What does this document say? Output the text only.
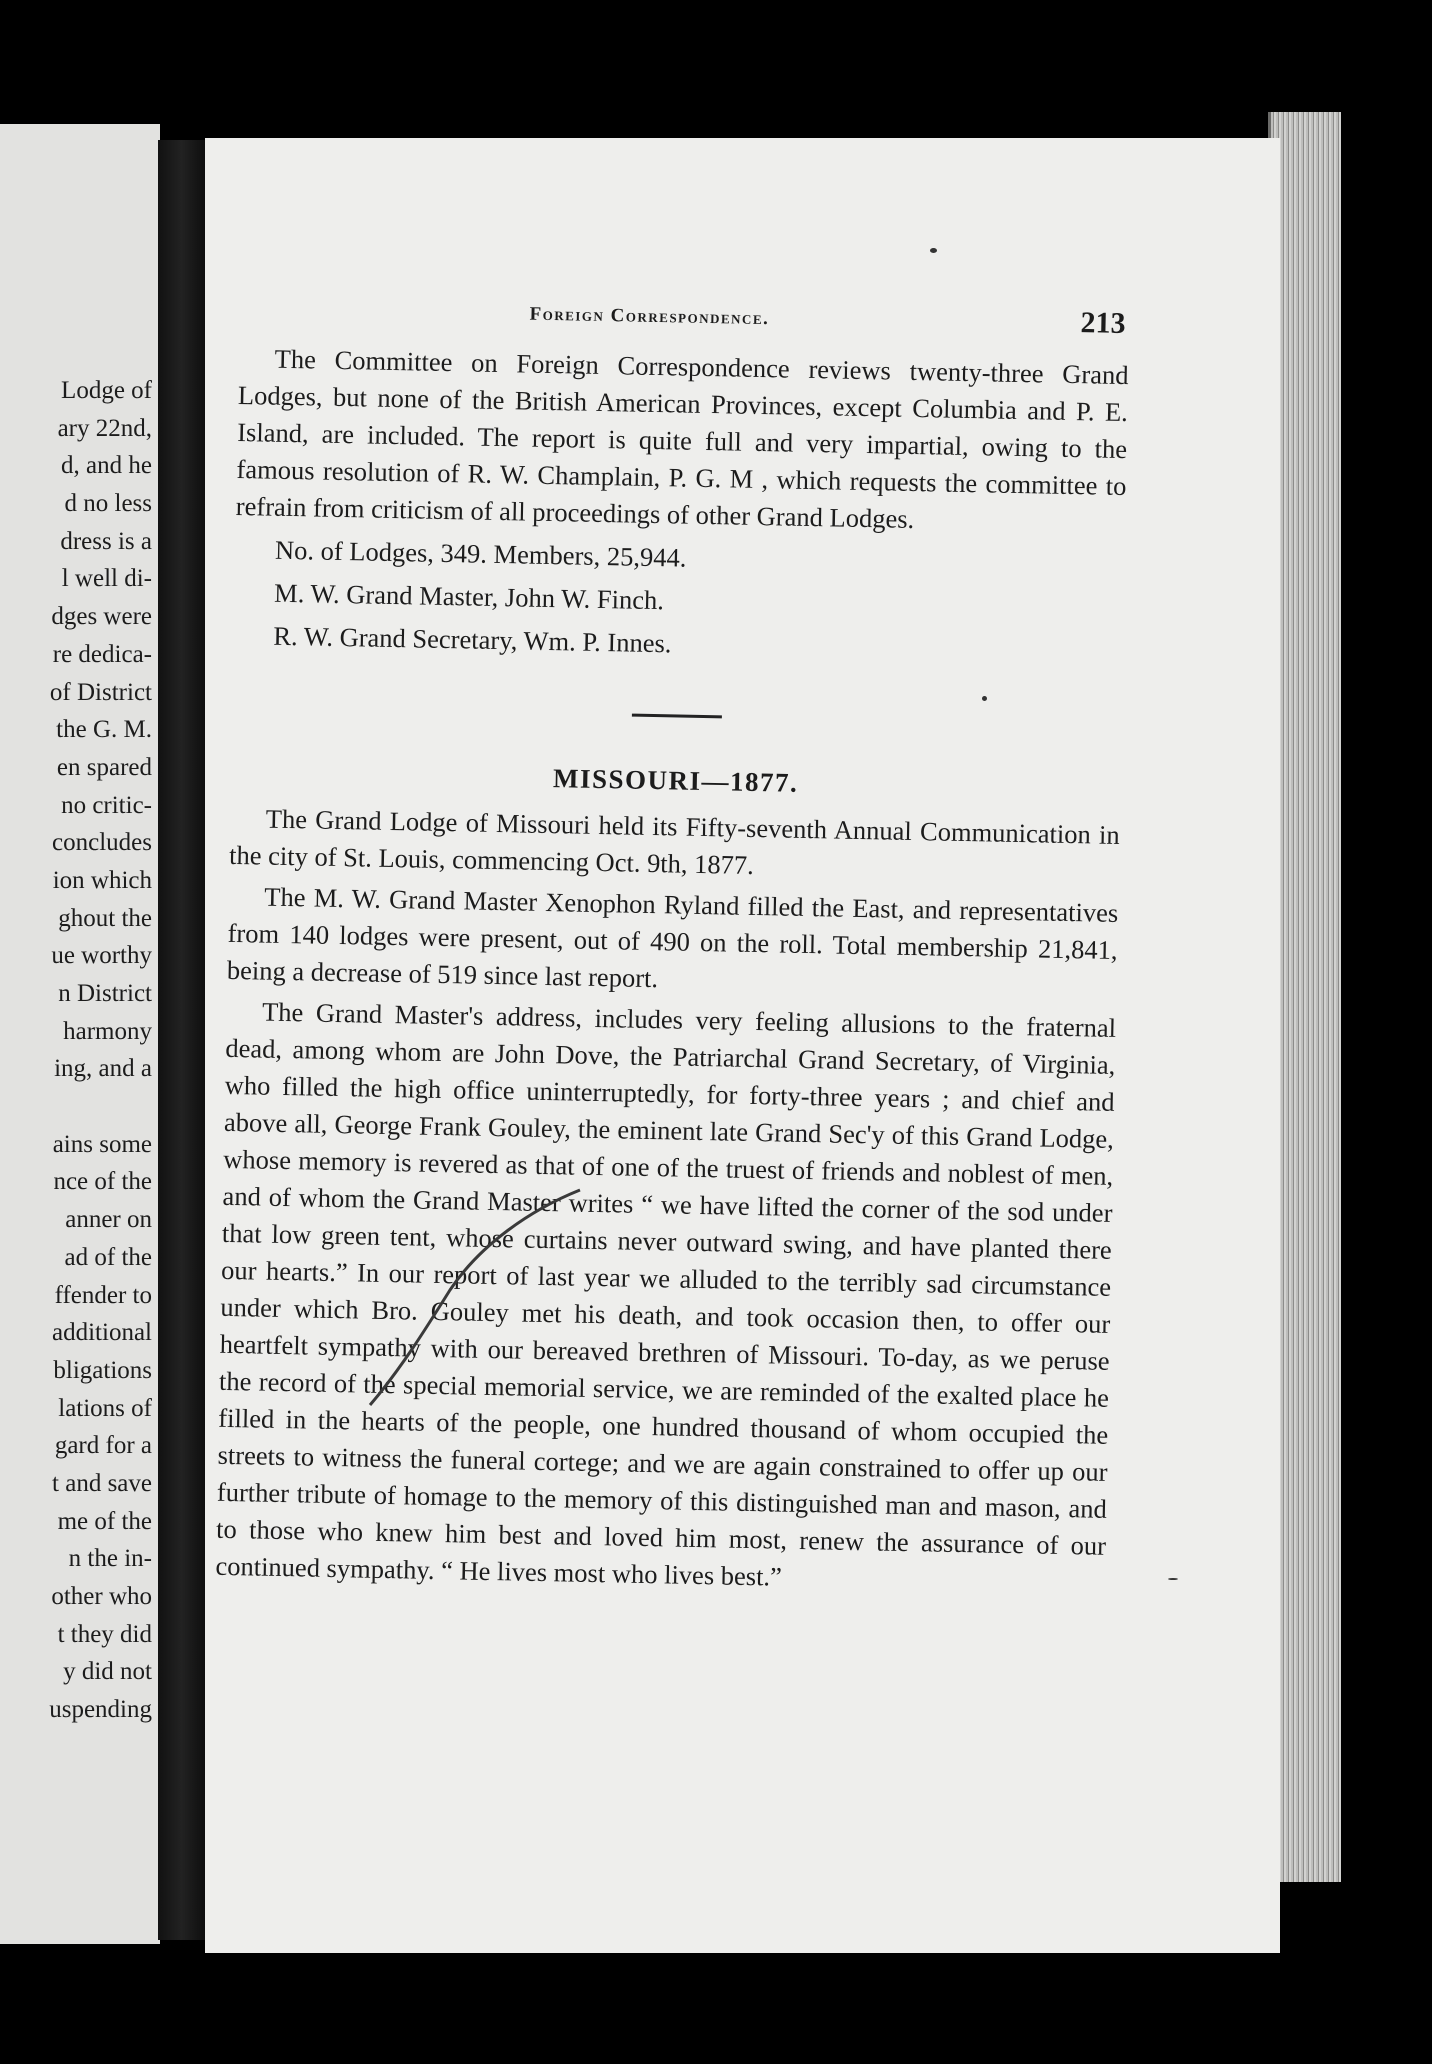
Lodge of
ary 22nd,
d, and he
d no less
dress is a
l well di-
dges were
re dedica-
of District
the G. M.
en spared
no critic-
concludes
ion which
ghout the
ue worthy
n District
harmony
ing, and a
ains some
nce of the
anner on
ad of the
ffender to
additional
bligations
lations of
gard for a
t and save
me of the
n the in-
other who
t they did
y did not
uspending
Foreign Correspondence.	213

The Committee on Foreign Correspondence reviews twenty-three Grand Lodges, but none of the British American Provinces, except Columbia and P. E. Island, are included. The report is quite full and very impartial, owing to the famous resolution of R. W. Champlain, P. G. M , which requests the committee to refrain from criticism of all proceedings of other Grand Lodges.

No. of Lodges, 349. Members, 25,944.

M. W. Grand Master, John W. Finch.

R. W. Grand Secretary, Wm. P. Innes.

MISSOURI—1877.

The Grand Lodge of Missouri held its Fifty-seventh Annual Communication in the city of St. Louis, commencing Oct. 9th, 1877.

The M. W. Grand Master Xenophon Ryland filled the East, and representatives from 140 lodges were present, out of 490 on the roll. Total membership 21,841, being a decrease of 519 since last report.

The Grand Master's address, includes very feeling allusions to the fraternal dead, among whom are John Dove, the Patriarchal Grand Secretary, of Virginia, who filled the high office uninterruptedly, for forty-three years ; and chief and above all, George Frank Gouley, the eminent late Grand Sec'y of this Grand Lodge, whose memory is revered as that of one of the truest of friends and noblest of men, and of whom the Grand Master writes “ we have lifted the corner of the sod under that low green tent, whose curtains never outward swing, and have planted there our hearts.” In our report of last year we alluded to the terribly sad circumstance under which Bro. Gouley met his death, and took occasion then, to offer our heartfelt sympathy with our bereaved brethren of Missouri. To-day, as we peruse the record of the special memorial service, we are reminded of the exalted place he filled in the hearts of the people, one hundred thousand of whom occupied the streets to witness the funeral cortege; and we are again constrained to offer up our further tribute of homage to the memory of this distinguished man and mason, and to those who knew him best and loved him most, renew the assurance of our continued sympathy. “ He lives most who lives best.”
